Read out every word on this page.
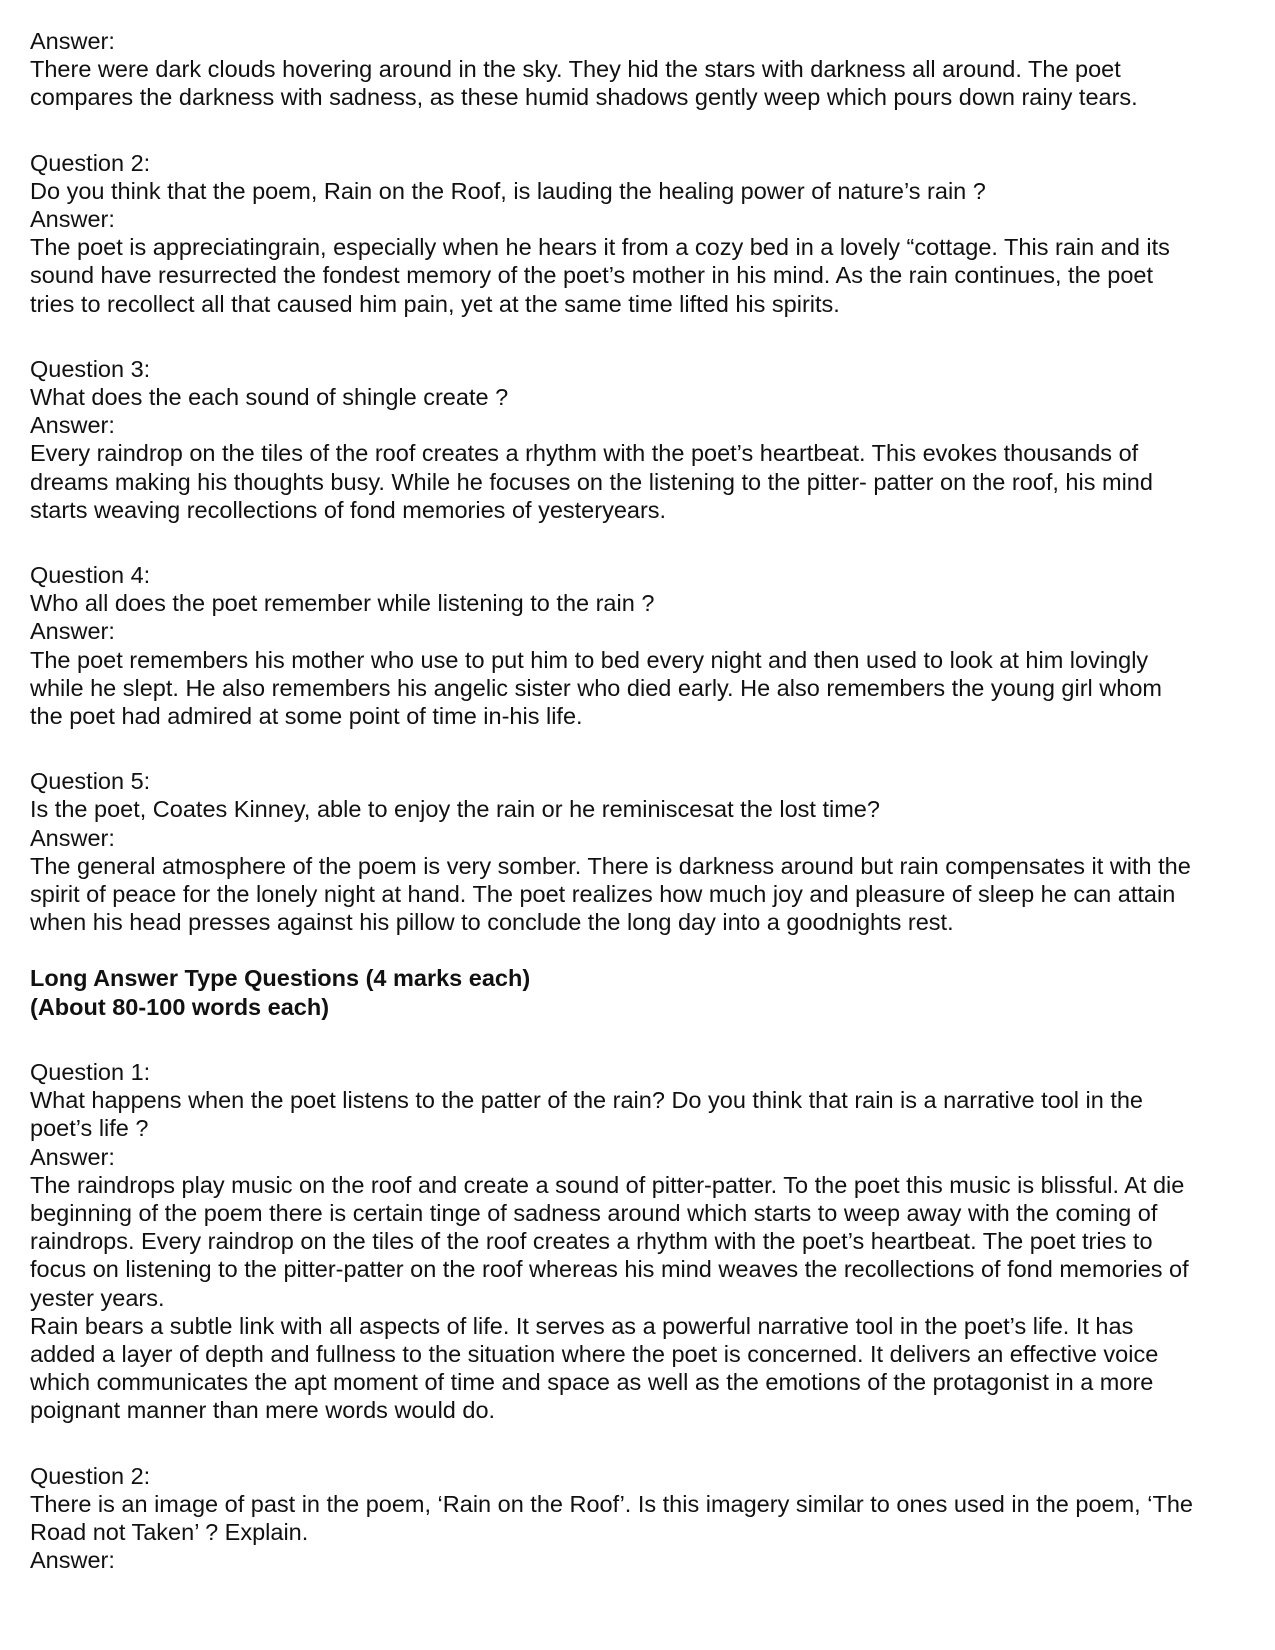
Answer:
There were dark clouds hovering around in the sky. They hid the stars with darkness all around. The poet
compares the darkness with sadness, as these humid shadows gently weep which pours down rainy tears.
Question 2:
Do you think that the poem, Rain on the Roof, is lauding the healing power of nature’s rain ?
Answer:
The poet is appreciatingrain, especially when he hears it from a cozy bed in a lovely “cottage. This rain and its
sound have resurrected the fondest memory of the poet’s mother in his mind. As the rain continues, the poet
tries to recollect all that caused him pain, yet at the same time lifted his spirits.
Question 3:
What does the each sound of shingle create ?
Answer:
Every raindrop on the tiles of the roof creates a rhythm with the poet’s heartbeat. This evokes thousands of
dreams making his thoughts busy. While he focuses on the listening to the pitter- patter on the roof, his mind
starts weaving recollections of fond memories of yesteryears.
Question 4:
Who all does the poet remember while listening to the rain ?
Answer:
The poet remembers his mother who use to put him to bed every night and then used to look at him lovingly
while he slept. He also remembers his angelic sister who died early. He also remembers the young girl whom
the poet had admired at some point of time in-his life.
Question 5:
Is the poet, Coates Kinney, able to enjoy the rain or he reminiscesat the lost time?
Answer:
The general atmosphere of the poem is very somber. There is darkness around but rain compensates it with the
spirit of peace for the lonely night at hand. The poet realizes how much joy and pleasure of sleep he can attain
when his head presses against his pillow to conclude the long day into a goodnights rest.
Long Answer Type Questions (4 marks each)
(About 80-100 words each)
Question 1:
What happens when the poet listens to the patter of the rain? Do you think that rain is a narrative tool in the
poet’s life ?
Answer:
The raindrops play music on the roof and create a sound of pitter-patter. To the poet this music is blissful. At die
beginning of the poem there is certain tinge of sadness around which starts to weep away with the coming of
raindrops. Every raindrop on the tiles of the roof creates a rhythm with the poet’s heartbeat. The poet tries to
focus on listening to the pitter-patter on the roof whereas his mind weaves the recollections of fond memories of
yester years.
Rain bears a subtle link with all aspects of life. It serves as a powerful narrative tool in the poet’s life. It has
added a layer of depth and fullness to the situation where the poet is concerned. It delivers an effective voice
which communicates the apt moment of time and space as well as the emotions of the protagonist in a more
poignant manner than mere words would do.
Question 2:
There is an image of past in the poem, ‘Rain on the Roof’. Is this imagery similar to ones used in the poem, ‘The
Road not Taken’ ? Explain.
Answer:
